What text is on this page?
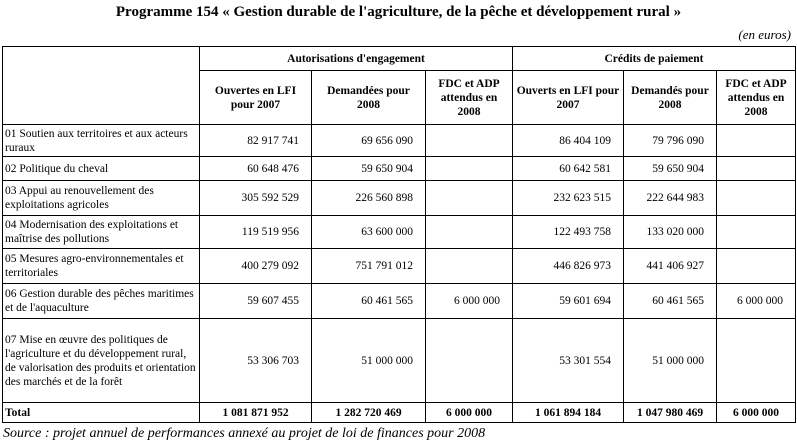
Programme 154 « Gestion durable de l'agriculture, de la pêche et développement rural »
(en euros)
	Autorisations d'engagement			Crédits de paiement		
	Ouvertes en LFI pour 2007	Demandées pour 2008	FDC et ADP attendus en 2008	Ouverts en LFI pour 2007	Demandés pour 2008	FDC et ADP attendus en 2008
01 Soutien aux territoires et aux acteurs ruraux	82 917 741	69 656 090		86 404 109	79 796 090	
02 Politique du cheval	60 648 476	59 650 904		60 642 581	59 650 904	
03 Appui au renouvellement des exploitations agricoles	305 592 529	226 560 898		232 623 515	222 644 983	
04 Modernisation des exploitations et maîtrise des pollutions	119 519 956	63 600 000		122 493 758	133 020 000	
05 Mesures agro-environnementales et territoriales	400 279 092	751 791 012		446 826 973	441 406 927	
06 Gestion durable des pêches maritimes et de l'aquaculture	59 607 455	60 461 565	6 000 000	59 601 694	60 461 565	6 000 000
07 Mise en œuvre des politiques de l'agriculture et du développement rural, de valorisation des produits et orientation des marchés et de la forêt	53 306 703	51 000 000		53 301 554	51 000 000	
Total	1 081 871 952	1 282 720 469	6 000 000	1 061 894 184	1 047 980 469	6 000 000
Source : projet annuel de performances annexé au projet de loi de finances pour 2008
